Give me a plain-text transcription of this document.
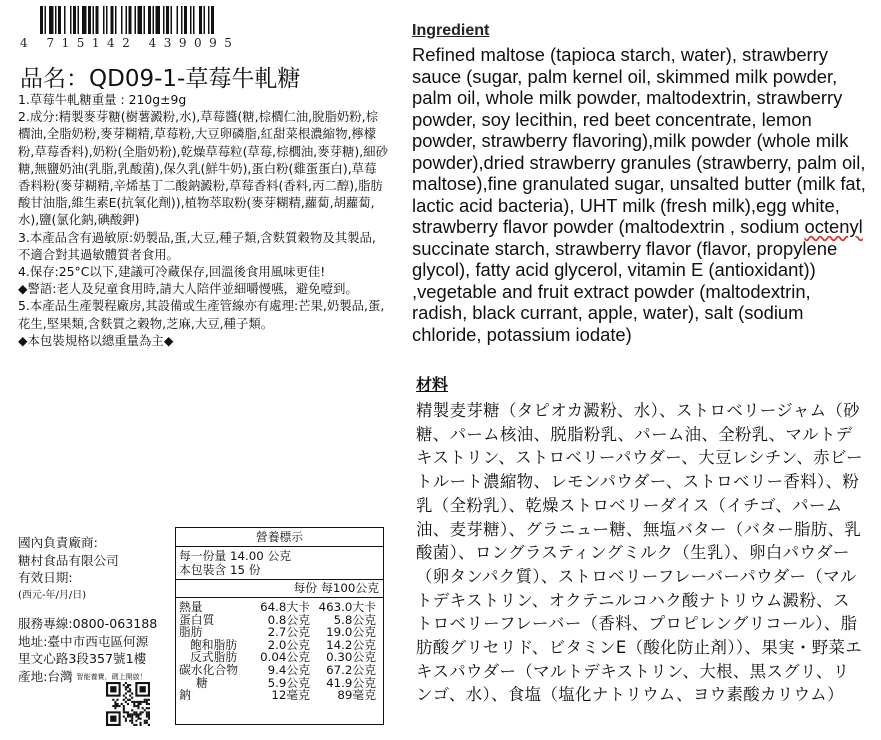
4 715142 439095
品名：QD09-1-草莓牛軋糖

1.草莓牛軋糖重量 : 210g±9g

2.成分:精製麥芽糖(樹薯澱粉,水),草莓醬(糖,棕櫚仁油,脫脂奶粉,棕櫚油,全脂奶粉,麥芽糊精,草莓粉,大豆卵磷脂,紅甜菜根濃縮物,檸檬粉,草莓香料),奶粉(全脂奶粉),乾燥草莓粒(草莓,棕櫚油,麥芽糖),細砂糖,無鹽奶油(乳脂,乳酸菌),保久乳(鮮牛奶),蛋白粉(雞蛋蛋白),草莓香料粉(麥芽糊精,辛烯基丁二酸鈉澱粉,草莓香料(香料,丙二醇),脂肪酸甘油脂,維生素E(抗氧化劑)),植物萃取粉(麥芽糊精,蘿蔔,胡蘿蔔,水),鹽(氯化鈉,碘酸鉀)

3.本產品含有過敏原:奶製品,蛋,大豆,種子類,含麩質穀物及其製品,不適合對其過敏體質者食用。

4.保存:25°C以下,建議可冷藏保存,回溫後食用風味更佳!

◆警語:老人及兒童食用時,請大人陪伴並細嚼慢嚥，避免噎到。

5.本產品生產製程廠房,其設備或生產管線亦有處理:芒果,奶製品,蛋,花生,堅果類,含麩質之穀物,芝麻,大豆,種子類。

◆本包裝規格以總重量為主◆

國內負責廠商:
糖村食品有限公司
有效日期:
(西元-年/月/日)
服務專線:0800-063188
地址:臺中市西屯區何源
里文心路3段357號1樓
產地:台灣 智能養寶，碼上開啟！
營養標示
每一份量 14.00 公克
本包裝含 15 份
每份 每100公克
熱量	64.8大卡 463.0大卡
蛋白質	0.8公克	5.8公克
脂肪	2.7公克	19.0公克
飽和脂肪	2.0公克	14.2公克
反式脂肪	0.04公克	0.30公克
碳水化合物	9.4公克	67.2公克
糖	5.9公克	41.9公克
鈉	12毫克	89毫克
Ingredient
Refined maltose (tapioca starch, water), strawberry sauce (sugar, palm kernel oil, skimmed milk powder, palm oil, whole milk powder, maltodextrin, strawberry powder, soy lecithin, red beet concentrate, lemon powder, strawberry flavoring),milk powder (whole milk powder),dried strawberry granules (strawberry, palm oil, maltose),fine granulated sugar, unsalted butter (milk fat, lactic acid bacteria), UHT milk (fresh milk),egg white, strawberry flavor powder (maltodextrin , sodium octenyl succinate starch, strawberry flavor (flavor, propylene glycol), fatty acid glycerol, vitamin E (antioxidant)) ,vegetable and fruit extract powder (maltodextrin, radish, black currant, apple, water), salt (sodium chloride, potassium iodate)
材料
精製麦芽糖（タピオカ澱粉、水）、ストロベリージャム（砂糖、パーム核油、脱脂粉乳、パーム油、全粉乳、マルトデキストリン、ストロベリーパウダー、大豆レシチン、赤ビートルート濃縮物、レモンパウダー、ストロベリー香料）、粉乳（全粉乳）、乾燥ストロベリーダイス（イチゴ、パーム油、麦芽糖）、グラニュー糖、無塩バター（バター脂肪、乳酸菌）、ロングラスティングミルク（生乳）、卵白パウダー（卵タンパク質）、ストロベリーフレーバーパウダー（マルトデキストリン、オクテニルコハク酸ナトリウム澱粉、ストロベリーフレーバー（香料、プロピレングリコール）、脂肪酸グリセリド、ビタミンE（酸化防止剤））、果実・野菜エキスパウダー（マルトデキストリン、大根、黒スグリ、リンゴ、水）、食塩（塩化ナトリウム、ヨウ素酸カリウム）
